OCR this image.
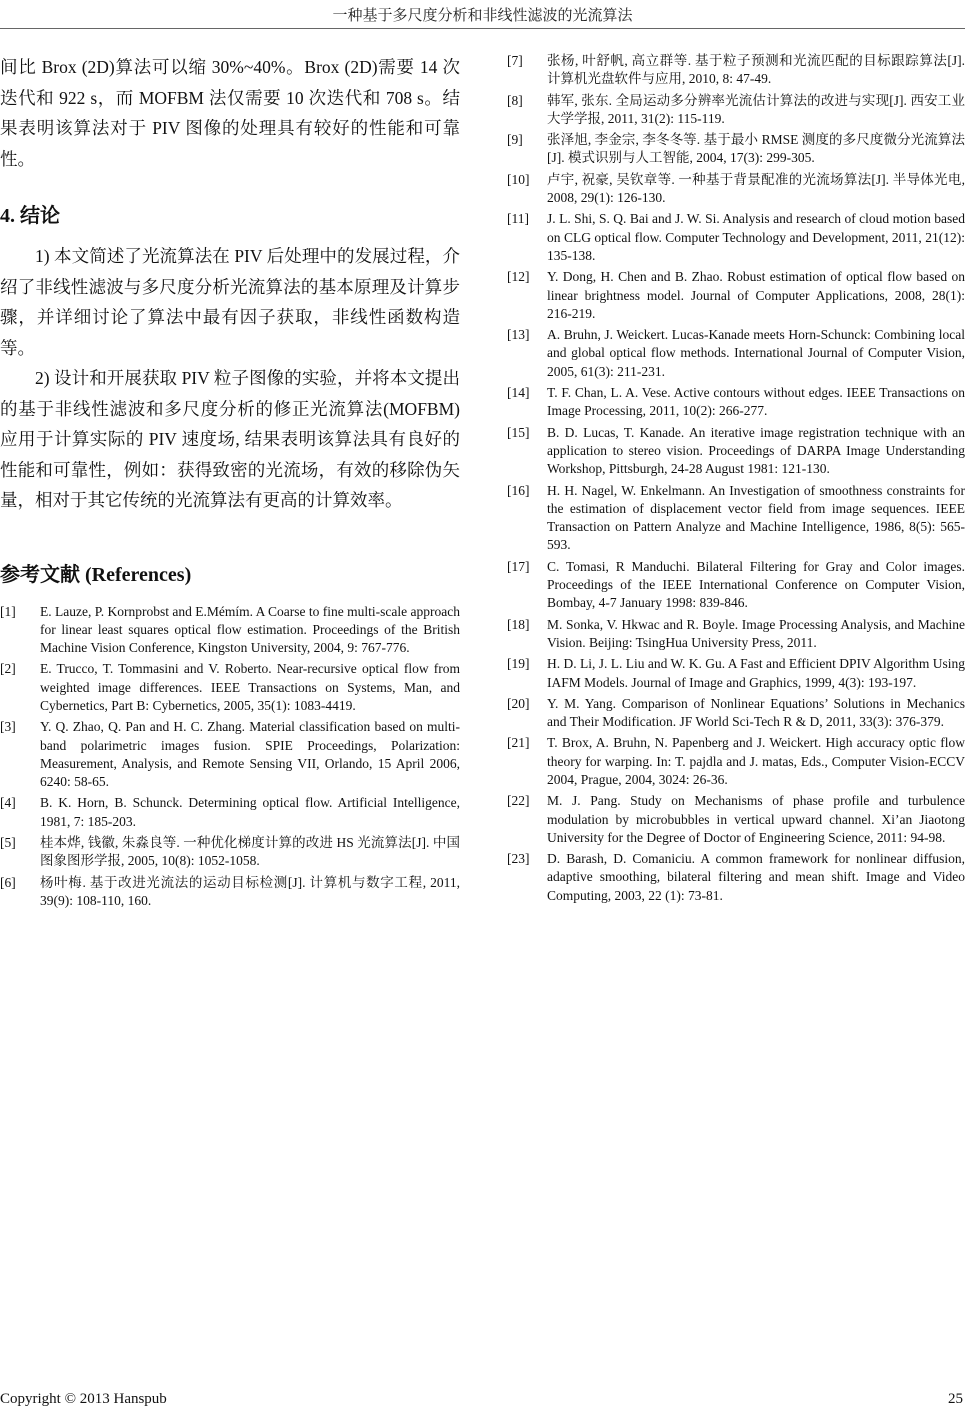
一种基于多尺度分析和非线性滤波的光流算法

间比 Brox (2D)算法可以缩 30%~40%。Brox (2D)需要 14 次迭代和 922 s，而 MOFBM 法仅需要 10 次迭代和 708 s。结果表明该算法对于 PIV 图像的处理具有较好的性能和可靠性。

4. 结论

1) 本文简述了光流算法在 PIV 后处理中的发展过程，介绍了非线性滤波与多尺度分析光流算法的基本原理及计算步骤，并详细讨论了算法中最有因子获取，非线性函数构造等。

2) 设计和开展获取 PIV 粒子图像的实验，并将本文提出的基于非线性滤波和多尺度分析的修正光流算法(MOFBM)应用于计算实际的 PIV 速度场, 结果表明该算法具有良好的性能和可靠性，例如：获得致密的光流场，有效的移除伪矢量，相对于其它传统的光流算法有更高的计算效率。

参考文献 (References)
[1]	E. Lauze, P. Kornprobst and E.Mémím. A Coarse to fine multi-scale approach for linear least squares optical flow estimation. Proceedings of the British Machine Vision Conference, Kingston University, 2004, 9: 767-776.
[2]	E. Trucco, T. Tommasini and V. Roberto. Near-recursive optical flow from weighted image differences. IEEE Transactions on Systems, Man, and Cybernetics, Part B: Cybernetics, 2005, 35(1): 1083-4419.
[3]	Y. Q. Zhao, Q. Pan and H. C. Zhang. Material classification based on multi-band polarimetric images fusion. SPIE Proceedings, Polarization: Measurement, Analysis, and Remote Sensing VII, Orlando, 15 April 2006, 6240: 58-65.
[4]	B. K. Horn, B. Schunck. Determining optical flow. Artificial Intelligence, 1981, 7: 185-203.
[5]	桂本烨, 钱徽, 朱淼良等. 一种优化梯度计算的改进 HS 光流算法[J]. 中国图象图形学报, 2005, 10(8): 1052-1058.
[6]	杨叶梅. 基于改进光流法的运动目标检测[J]. 计算机与数字工程, 2011, 39(9): 108-110, 160.
[7]	张杨, 叶舒帆, 高立群等. 基于粒子预测和光流匹配的目标跟踪算法[J]. 计算机光盘软件与应用, 2010, 8: 47-49.
[8]	韩军, 张东. 全局运动多分辨率光流估计算法的改进与实现[J]. 西安工业大学学报, 2011, 31(2): 115-119.
[9]	张泽旭, 李金宗, 李冬冬等. 基于最小 RMSE 测度的多尺度微分光流算法[J]. 模式识别与人工智能, 2004, 17(3): 299-305.
[10]	卢宇, 祝豪, 吴钦章等. 一种基于背景配准的光流场算法[J]. 半导体光电, 2008, 29(1): 126-130.
[11]	J. L. Shi, S. Q. Bai and J. W. Si. Analysis and research of cloud motion based on CLG optical flow. Computer Technology and Development, 2011, 21(12): 135-138.
[12]	Y. Dong, H. Chen and B. Zhao. Robust estimation of optical flow based on linear brightness model. Journal of Computer Applications, 2008, 28(1): 216-219.
[13]	A. Bruhn, J. Weickert. Lucas-Kanade meets Horn-Schunck: Combining local and global optical flow methods. International Journal of Computer Vision, 2005, 61(3): 211-231.
[14]	T. F. Chan, L. A. Vese. Active contours without edges. IEEE Transactions on Image Processing, 2011, 10(2): 266-277.
[15]	B. D. Lucas, T. Kanade. An iterative image registration technique with an application to stereo vision. Proceedings of DARPA Image Understanding Workshop, Pittsburgh, 24-28 August 1981: 121-130.
[16]	H. H. Nagel, W. Enkelmann. An Investigation of smoothness constraints for the estimation of displacement vector field from image sequences. IEEE Transaction on Pattern Analyze and Machine Intelligence, 1986, 8(5): 565-593.
[17]	C. Tomasi, R Manduchi. Bilateral Filtering for Gray and Color images. Proceedings of the IEEE International Conference on Computer Vision, Bombay, 4-7 January 1998: 839-846.
[18]	M. Sonka, V. Hkwac and R. Boyle. Image Processing Analysis, and Machine Vision. Beijing: TsingHua University Press, 2011.
[19]	H. D. Li, J. L. Liu and W. K. Gu. A Fast and Efficient DPIV Algorithm Using IAFM Models. Journal of Image and Graphics, 1999, 4(3): 193-197.
[20]	Y. M. Yang. Comparison of Nonlinear Equations’ Solutions in Mechanics and Their Modification. JF World Sci-Tech R & D, 2011, 33(3): 376-379.
[21]	T. Brox, A. Bruhn, N. Papenberg and J. Weickert. High accuracy optic flow theory for warping. In: T. pajdla and J. matas, Eds., Computer Vision-ECCV 2004, Prague, 2004, 3024: 26-36.
[22]	M. J. Pang. Study on Mechanisms of phase profile and turbulence modulation by microbubbles in vertical upward channel. Xi’an Jiaotong University for the Degree of Doctor of Engineering Science, 2011: 94-98.
[23]	D. Barash, D. Comaniciu. A common framework for nonlinear diffusion, adaptive smoothing, bilateral filtering and mean shift. Image and Video Computing, 2003, 22 (1): 73-81.
Copyright © 2013 Hanspub	25
